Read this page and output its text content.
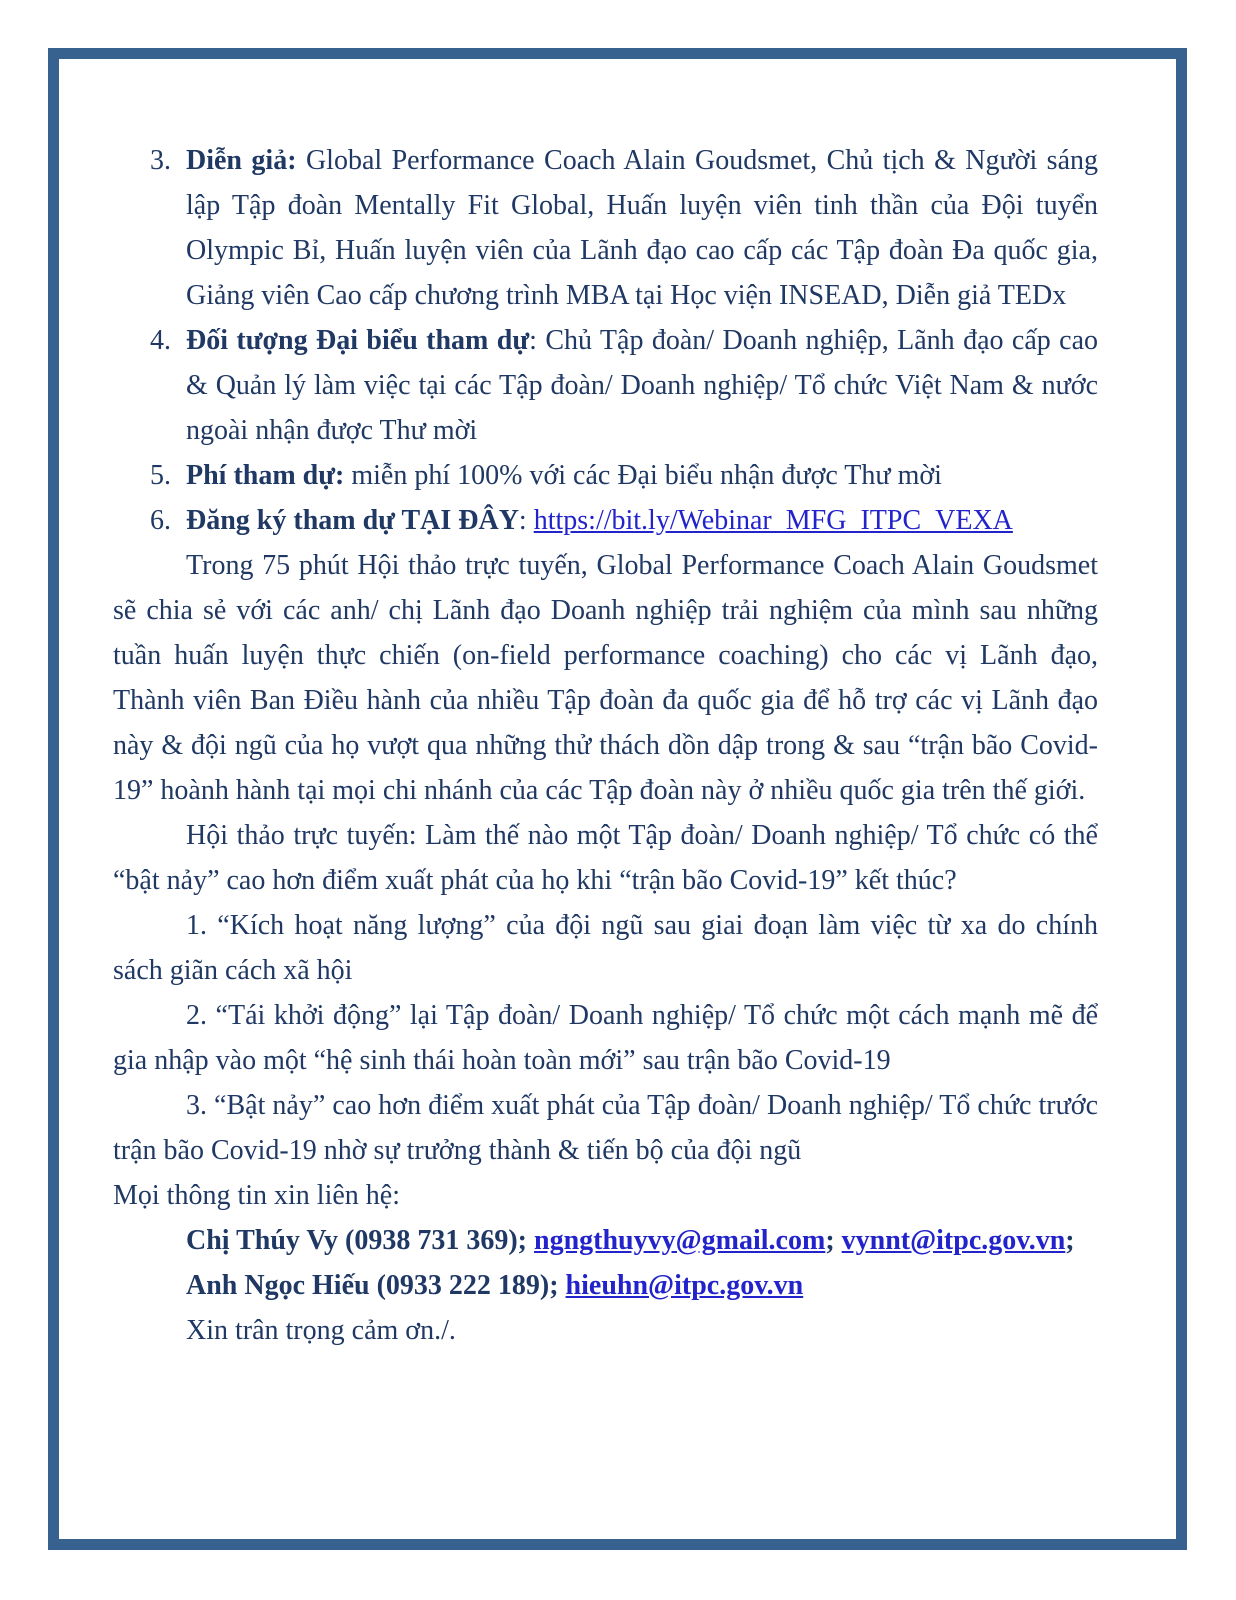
3. Diễn giả: Global Performance Coach Alain Goudsmet, Chủ tịch & Người sáng lập Tập đoàn Mentally Fit Global, Huấn luyện viên tinh thần của Đội tuyển Olympic Bỉ, Huấn luyện viên của Lãnh đạo cao cấp các Tập đoàn Đa quốc gia, Giảng viên Cao cấp chương trình MBA tại Học viện INSEAD, Diễn giả TEDx
4. Đối tượng Đại biểu tham dự: Chủ Tập đoàn/ Doanh nghiệp, Lãnh đạo cấp cao & Quản lý làm việc tại các Tập đoàn/ Doanh nghiệp/ Tổ chức Việt Nam & nước ngoài nhận được Thư mời
5. Phí tham dự: miễn phí 100% với các Đại biểu nhận được Thư mời
6. Đăng ký tham dự TẠI ĐÂY: https://bit.ly/Webinar_MFG_ITPC_VEXA

Trong 75 phút Hội thảo trực tuyến, Global Performance Coach Alain Goudsmet sẽ chia sẻ với các anh/ chị Lãnh đạo Doanh nghiệp trải nghiệm của mình sau những tuần huấn luyện thực chiến (on-field performance coaching) cho các vị Lãnh đạo, Thành viên Ban Điều hành của nhiều Tập đoàn đa quốc gia để hỗ trợ các vị Lãnh đạo này & đội ngũ của họ vượt qua những thử thách dồn dập trong & sau “trận bão Covid-19” hoành hành tại mọi chi nhánh của các Tập đoàn này ở nhiều quốc gia trên thế giới.

Hội thảo trực tuyến: Làm thế nào một Tập đoàn/ Doanh nghiệp/ Tổ chức có thể “bật nảy” cao hơn điểm xuất phát của họ khi “trận bão Covid-19” kết thúc?

1. “Kích hoạt năng lượng” của đội ngũ sau giai đoạn làm việc từ xa do chính sách giãn cách xã hội

2. “Tái khởi động” lại Tập đoàn/ Doanh nghiệp/ Tổ chức một cách mạnh mẽ để gia nhập vào một “hệ sinh thái hoàn toàn mới” sau trận bão Covid-19

3. “Bật nảy” cao hơn điểm xuất phát của Tập đoàn/ Doanh nghiệp/ Tổ chức trước trận bão Covid-19 nhờ sự trưởng thành & tiến bộ của đội ngũ

Mọi thông tin xin liên hệ:

Chị Thúy Vy (0938 731 369); ngngthuyvy@gmail.com; vynnt@itpc.gov.vn;

Anh Ngọc Hiếu (0933 222 189); hieuhn@itpc.gov.vn

Xin trân trọng cảm ơn./.
